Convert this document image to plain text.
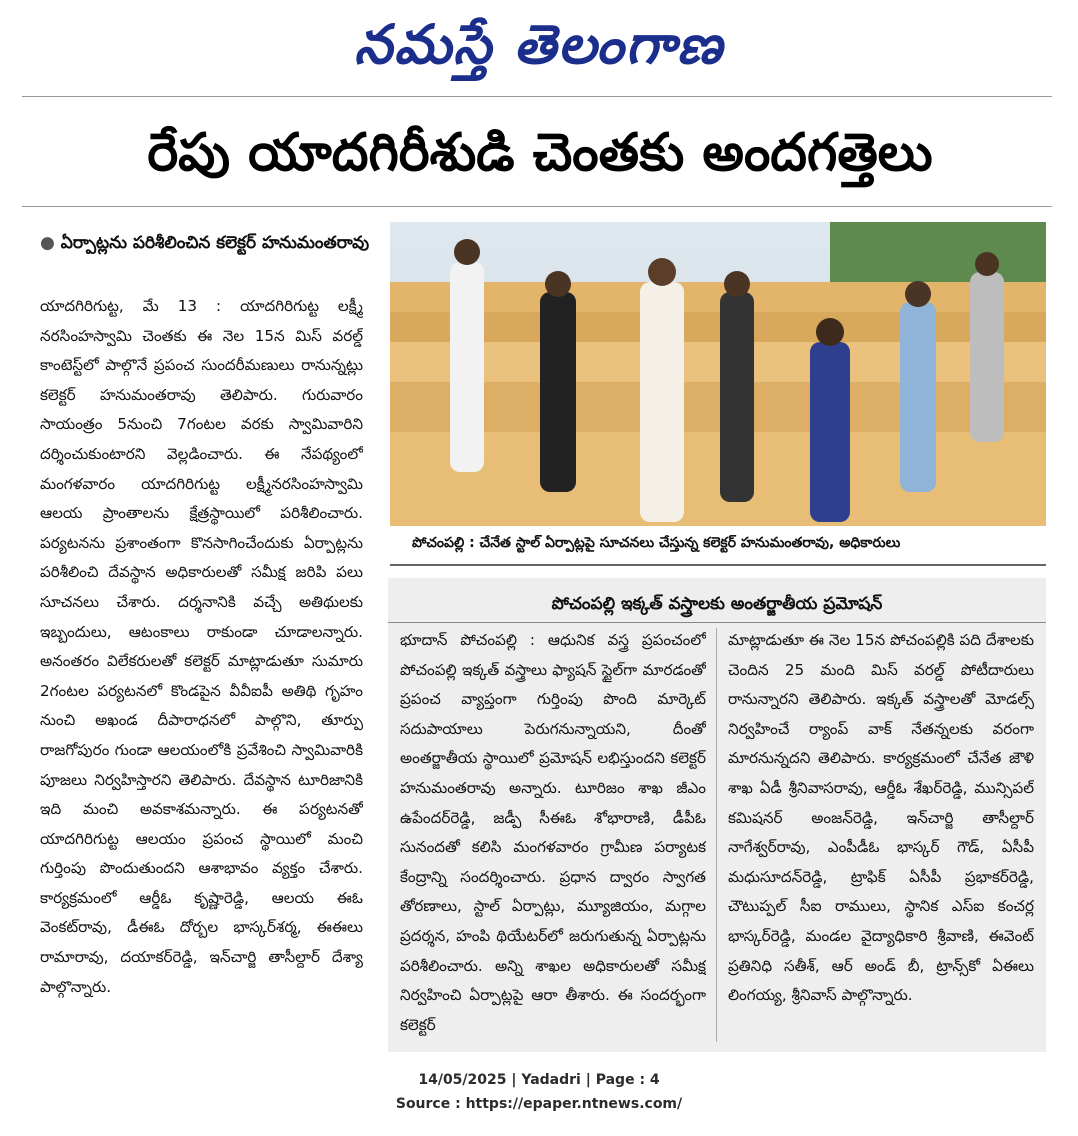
నమస్తే తెలంగాణ
రేపు యాదగిరీశుడి చెంతకు అందగత్తెలు
● ఏర్పాట్లను పరిశీలించిన కలెక్టర్ హనుమంతరావు
యాదగిరిగుట్ట, మే 13 : యాదగిరిగుట్ట లక్ష్మీ నరసింహస్వామి చెంతకు ఈ నెల 15న మిస్ వరల్డ్ కాంటెస్ట్‌లో పాల్గొనే ప్రపంచ సుందరీమణులు రానున్నట్లు కలెక్టర్ హనుమంతరావు తెలిపారు. గురువారం సాయంత్రం 5నుంచి 7గంటల వరకు స్వామివారిని దర్శించుకుంటారని వెల్లడించారు. ఈ నేపథ్యంలో మంగళవారం యాదగిరిగుట్ట లక్ష్మీనరసింహస్వామి ఆలయ ప్రాంతాలను క్షేత్రస్థాయిలో పరిశీలించారు. పర్యటనను ప్రశాంతంగా కొనసాగించేందుకు ఏర్పాట్లను పరిశీలించి దేవస్థాన అధికారులతో సమీక్ష జరిపి పలు సూచనలు చేశారు. దర్శనానికి వచ్చే అతిథులకు ఇబ్బందులు, ఆటంకాలు రాకుండా చూడాలన్నారు. అనంతరం విలేకరులతో కలెక్టర్ మాట్లాడుతూ సుమారు 2గంటల పర్యటనలో కొండపైన వీవీఐపీ అతిథి గృహం నుంచి అఖండ దీపారాధనలో పాల్గొని, తూర్పు రాజగోపురం గుండా ఆలయంలోకి ప్రవేశించి స్వామివారికి పూజలు నిర్వహిస్తారని తెలిపారు. దేవస్థాన టూరిజానికి ఇది మంచి అవకాశమన్నారు. ఈ పర్యటనతో యాదగిరిగుట్ట ఆలయం ప్రపంచ స్థాయిలో మంచి గుర్తింపు పొందుతుందని ఆశాభావం వ్యక్తం చేశారు. కార్యక్రమంలో ఆర్డీఓ కృష్ణారెడ్డి, ఆలయ ఈఓ వెంకట్‌రావు, డీఈఓ దోర్బల భాస్కర్‌శర్మ, ఈఈలు రామారావు, దయాకర్‌రెడ్డి, ఇన్‌చార్జి తాసీల్దార్ దేశ్యా పాల్గొన్నారు.
పోచంపల్లి : చేనేత స్టాల్ ఏర్పాట్లపై సూచనలు చేస్తున్న కలెక్టర్ హనుమంతరావు, అధికారులు
పోచంపల్లి ఇక్కత్ వస్త్రాలకు అంతర్జాతీయ ప్రమోషన్
భూదాన్ పోచంపల్లి : ఆధునిక వస్త్ర ప్రపంచంలో పోచంపల్లి ఇక్కత్ వస్త్రాలు ఫ్యాషన్ స్టైల్‌గా మారడంతో ప్రపంచ వ్యాప్తంగా గుర్తింపు పొంది మార్కెట్ సదుపాయాలు పెరుగనున్నాయని, దీంతో అంతర్జాతీయ స్థాయిలో ప్రమోషన్ లభిస్తుందని కలెక్టర్ హనుమంతరావు అన్నారు. టూరిజం శాఖ జీఎం ఉపేందర్‌రెడ్డి, జడ్పీ సీఈఓ శోభారాణి, డీపీఓ సునందతో కలిసి మంగళవారం గ్రామీణ పర్యాటక కేంద్రాన్ని సందర్శించారు. ప్రధాన ద్వారం స్వాగత తోరణాలు, స్టాల్ ఏర్పాట్లు, మ్యూజియం, మగ్గాల ప్రదర్శన, హంపి థియేటర్‌లో జరుగుతున్న ఏర్పాట్లను పరిశీలించారు. అన్ని శాఖల అధికారులతో సమీక్ష నిర్వహించి ఏర్పాట్లపై ఆరా తీశారు. ఈ సందర్భంగా కలెక్టర్
మాట్లాడుతూ ఈ నెల 15న పోచంపల్లికి పది దేశాలకు చెందిన 25 మంది మిస్ వరల్డ్ పోటీదారులు రానున్నారని తెలిపారు. ఇక్కత్ వస్త్రాలతో మోడల్స్ నిర్వహించే ర్యాంప్ వాక్ నేతన్నలకు వరంగా మారనున్నదని తెలిపారు. కార్యక్రమంలో చేనేత జౌళి శాఖ ఏడీ శ్రీనివాసరావు, ఆర్డీఓ శేఖర్‌రెడ్డి, మున్సిపల్ కమిషనర్ అంజన్‌రెడ్డి, ఇన్‌చార్జి తాసీల్దార్ నాగేశ్వర్‌రావు, ఎంపీడీఓ భాస్కర్ గౌడ్, ఏసీపీ మధుసూదన్‌రెడ్డి, ట్రాఫిక్ ఏసీపీ ప్రభాకర్‌రెడ్డి, చౌటుప్పల్ సీఐ రాములు, స్థానిక ఎస్ఐ కంచర్ల భాస్కర్‌రెడ్డి, మండల వైద్యాధికారి శ్రీవాణి, ఈవెంట్ ప్రతినిధి సతీశ్, ఆర్ అండ్ బీ, ట్రాన్స్‌కో ఏఈలు లింగయ్య, శ్రీనివాస్ పాల్గొన్నారు.
14/05/2025 | Yadadri | Page : 4
Source : https://epaper.ntnews.com/
